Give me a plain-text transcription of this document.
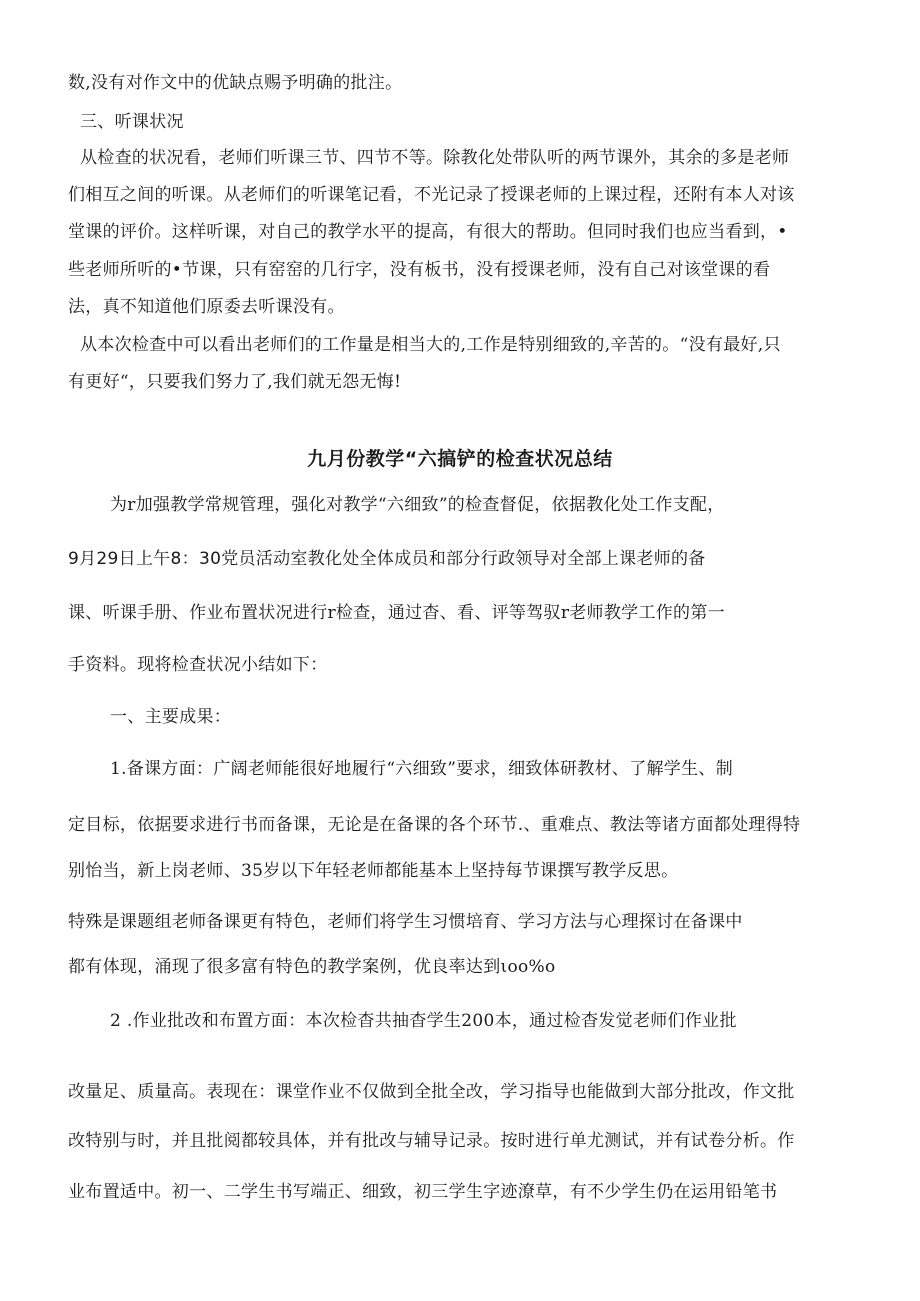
数,没有对作文中的优缺点赐予明确的批注。
三、听课状况
从检查的状况看，老师们听课三节、四节不等。除教化处带队听的两节课外，其余的多是老师
们相互之间的听课。从老师们的听课笔记看，不光记录了授课老师的上课过程，还附有本人对该
堂课的评价。这样听课，对自己的教学水平的提高，有很大的帮助。但同时我们也应当看到，•
些老师所听的•节课，只有窑窑的几行字，没有板书，没有授课老师，没有自己对该堂课的看
法，真不知道他们原委去听课没有。
从本次检查中可以看出老师们的工作量是相当大的,工作是特别细致的,辛苦的。“没有最好,只
有更好“，只要我们努力了,我们就无怨无悔!
九月份教学“六搞铲的检查状况总结
为r加强教学常规管理，强化对教学“六细致”的检查督促，依据教化处工作支配，
9月29日上午8：30党员活动室教化处全体成员和部分行政领导对全部上课老师的备
课、听课手册、作业布置状况进行r检查，通过杳、看、评等驾驭r老师教学工作的第一
手资料。现将检查状况小结如下：
一、主要成果：
1.备课方面：广阔老师能很好地履行“六细致”要求，细致体研教材、了解学生、制
定目标，依据要求进行书而备课，无论是在备课的各个环节.、重难点、教法等诸方面都处理得特
别怡当，新上岗老师、35岁以下年轻老师都能基本上坚持每节课撰写教学反思。
特殊是课题组老师备课更有特色，老师们将学生习惯培育、学习方法与心理探讨在备课中
都有体现，涌现了很多富有特色的教学案例，优良率达到ιoo%o
2 .作业批改和布置方面：本次检杳共抽杳学生200本，通过检杳发觉老师们作业批
改量足、质量高。表现在：课堂作业不仅做到全批全改，学习指导也能做到大部分批改，作文批
改特别与时，并且批阅都较具体，并有批改与辅导记录。按时进行单尤测试，并有试卷分析。作
业布置适中。初一、二学生书写端正、细致，初三学生字迹潦草，有不少学生仍在运用铅笔书
